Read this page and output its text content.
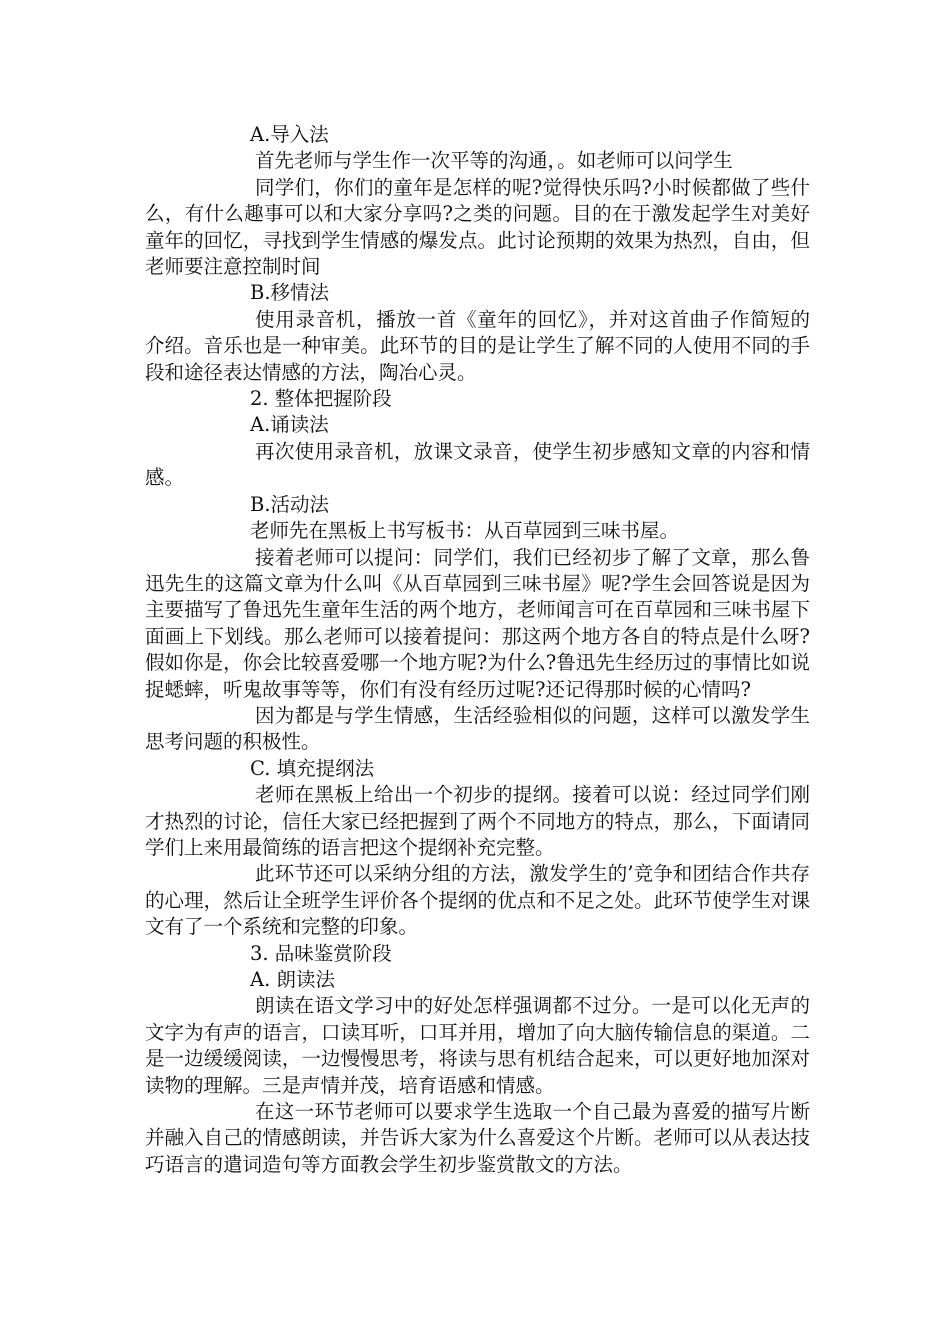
A.导入法
首先老师与学生作一次平等的沟通，。如老师可以问学生
同学们，你们的童年是怎样的呢?觉得快乐吗?小时候都做了些什么，有什么趣事可以和大家分享吗?之类的问题。目的在于激发起学生对美好童年的回忆，寻找到学生情感的爆发点。此讨论预期的效果为热烈，自由，但老师要注意控制时间
B.移情法
使用录音机，播放一首《童年的回忆》，并对这首曲子作简短的介绍。音乐也是一种审美。此环节的目的是让学生了解不同的人使用不同的手段和途径表达情感的方法，陶冶心灵。
2. 整体把握阶段
A.诵读法
再次使用录音机，放课文录音，使学生初步感知文章的内容和情感。
B.活动法
老师先在黑板上书写板书：从百草园到三味书屋。
接着老师可以提问：同学们，我们已经初步了解了文章，那么鲁迅先生的这篇文章为什么叫《从百草园到三味书屋》呢?学生会回答说是因为主要描写了鲁迅先生童年生活的两个地方，老师闻言可在百草园和三味书屋下面画上下划线。那么老师可以接着提问：那这两个地方各自的特点是什么呀?假如你是，你会比较喜爱哪一个地方呢?为什么?鲁迅先生经历过的事情比如说捉蟋蟀，听鬼故事等等，你们有没有经历过呢?还记得那时候的心情吗?
因为都是与学生情感，生活经验相似的问题，这样可以激发学生思考问题的积极性。
C. 填充提纲法
老师在黑板上给出一个初步的提纲。接着可以说：经过同学们刚才热烈的讨论，信任大家已经把握到了两个不同地方的特点，那么，下面请同学们上来用最简练的语言把这个提纲补充完整。
此环节还可以采纳分组的方法，激发学生的’竞争和团结合作共存的心理，然后让全班学生评价各个提纲的优点和不足之处。此环节使学生对课文有了一个系统和完整的印象。
3. 品味鉴赏阶段
A. 朗读法
朗读在语文学习中的好处怎样强调都不过分。一是可以化无声的文字为有声的语言，口读耳听，口耳并用，增加了向大脑传输信息的渠道。二是一边缓缓阅读，一边慢慢思考，将读与思有机结合起来，可以更好地加深对读物的理解。三是声情并茂，培育语感和情感。
在这一环节老师可以要求学生选取一个自己最为喜爱的描写片断并融入自己的情感朗读，并告诉大家为什么喜爱这个片断。老师可以从表达技巧语言的遣词造句等方面教会学生初步鉴赏散文的方法。
